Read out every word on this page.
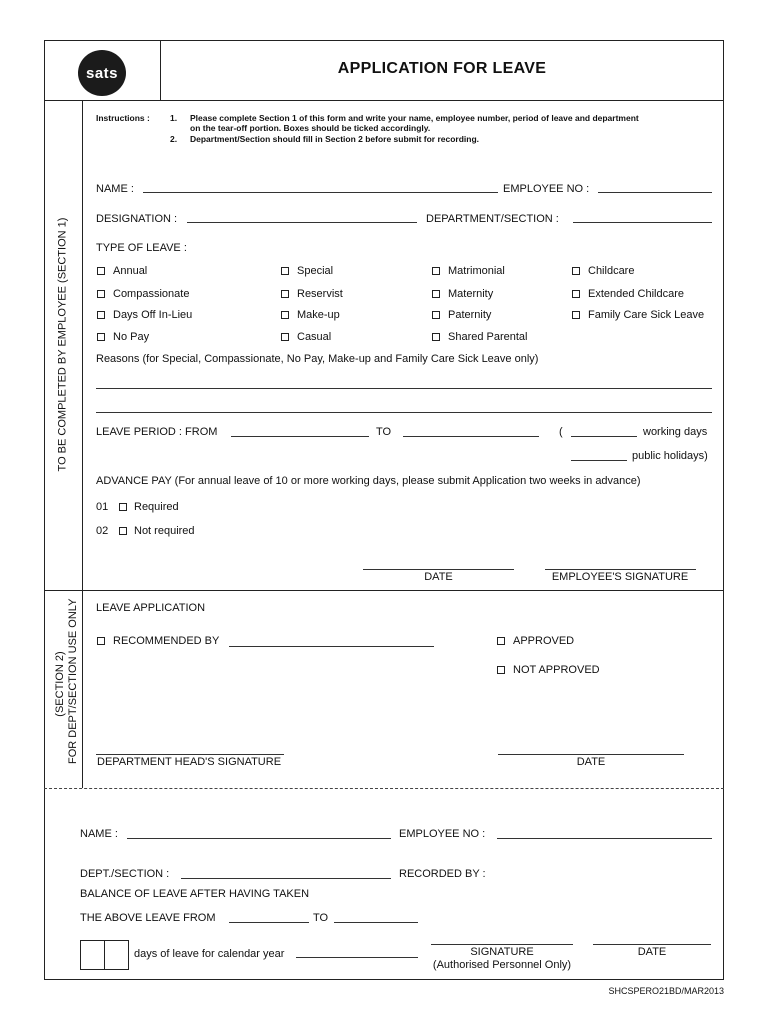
sats	APPLICATION FOR LEAVE
Instructions : 1. Please complete Section 1 of this form and write your name, employee number, period of leave and department
on the tear-off portion. Boxes should be ticked accordingly.
2. Department/Section should fill in Section 2 before submit for recording.
TO BE COMPLETED BY EMPLOYEE (SECTION 1)
NAME :	EMPLOYEE NO :
DESIGNATION :	DEPARTMENT/SECTION :
TYPE OF LEAVE :
Annual	Special	Matrimonial	Childcare
Compassionate	Reservist	Maternity	Extended Childcare
Days Off In-Lieu	Make-up	Paternity	Family Care Sick Leave
No Pay	Casual	Shared Parental
Reasons (for Special, Compassionate, No Pay, Make-up and Family Care Sick Leave only)
LEAVE PERIOD : FROM	TO	(	working days
public holidays)
ADVANCE PAY (For annual leave of 10 or more working days, please submit Application two weeks in advance)
01 Required
02 Not required
DATE	EMPLOYEE'S SIGNATURE
(SECTION 2) FOR DEPT/SECTION USE ONLY LEAVE APPLICATION
RECOMMENDED BY	APPROVED
NOT APPROVED
DEPARTMENT HEAD'S SIGNATURE	DATE
NAME :	EMPLOYEE NO :
DEPT./SECTION :	RECORDED BY :
BALANCE OF LEAVE AFTER HAVING TAKEN
THE ABOVE LEAVE FROM	TO
days of leave for calendar year	SIGNATURE
(Authorised Personnel Only)
DATE
SHCSPERO21BD/MAR2013
